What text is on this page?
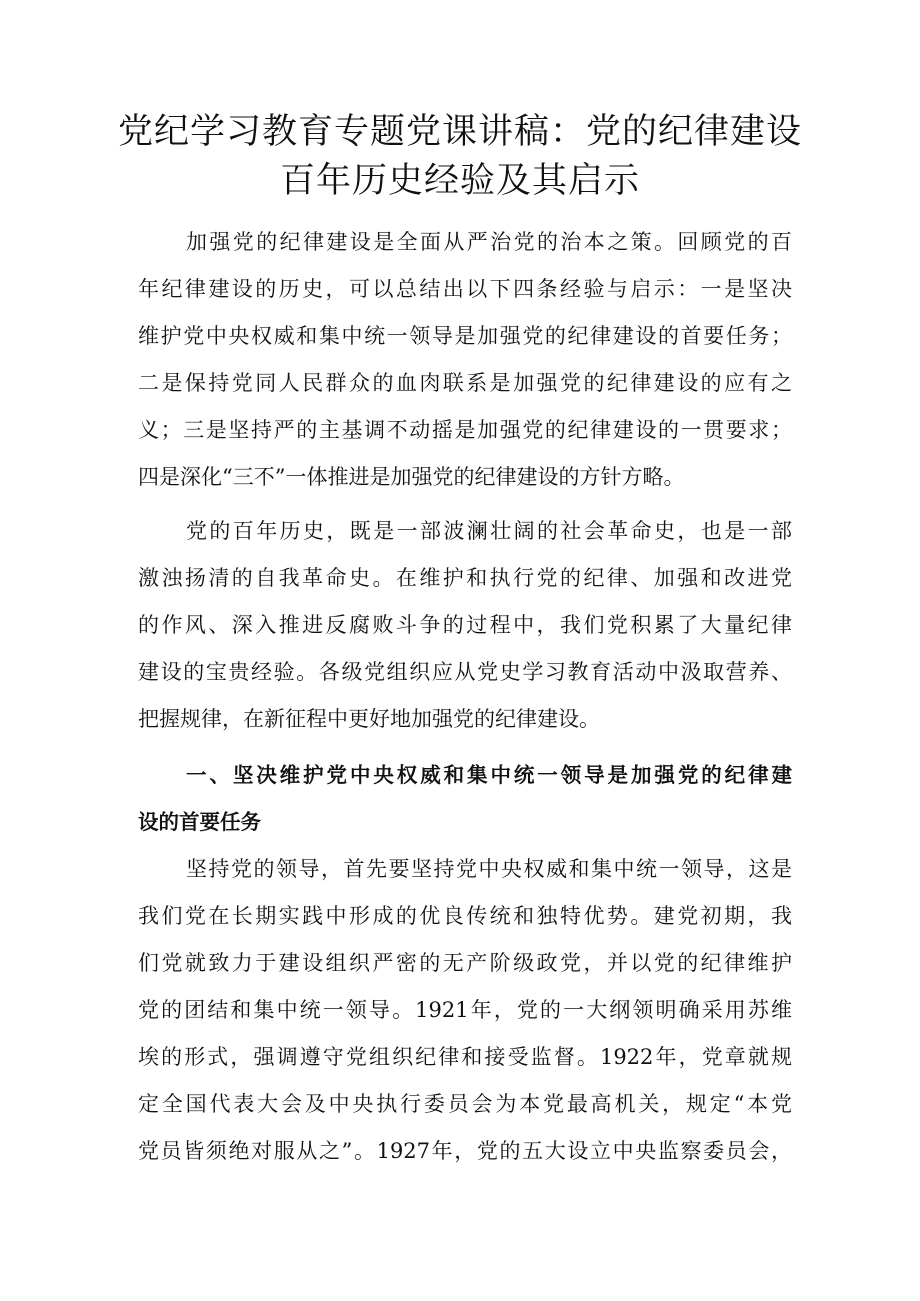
党纪学习教育专题党课讲稿：党的纪律建设
百年历史经验及其启示
加强党的纪律建设是全面从严治党的治本之策。回顾党的百
年纪律建设的历史，可以总结出以下四条经验与启示：一是坚决
维护党中央权威和集中统一领导是加强党的纪律建设的首要任务；
二是保持党同人民群众的血肉联系是加强党的纪律建设的应有之
义；三是坚持严的主基调不动摇是加强党的纪律建设的一贯要求；
四是深化“三不”一体推进是加强党的纪律建设的方针方略。
党的百年历史，既是一部波澜壮阔的社会革命史，也是一部
激浊扬清的自我革命史。在维护和执行党的纪律、加强和改进党
的作风、深入推进反腐败斗争的过程中，我们党积累了大量纪律
建设的宝贵经验。各级党组织应从党史学习教育活动中汲取营养、
把握规律，在新征程中更好地加强党的纪律建设。
一、坚决维护党中央权威和集中统一领导是加强党的纪律建
设的首要任务
坚持党的领导，首先要坚持党中央权威和集中统一领导，这是
我们党在长期实践中形成的优良传统和独特优势。建党初期，我
们党就致力于建设组织严密的无产阶级政党，并以党的纪律维护
党的团结和集中统一领导。1921年，党的一大纲领明确采用苏维
埃的形式，强调遵守党组织纪律和接受监督。1922年，党章就规
定全国代表大会及中央执行委员会为本党最高机关，规定“本党
党员皆须绝对服从之”。1927年，党的五大设立中央监察委员会，
